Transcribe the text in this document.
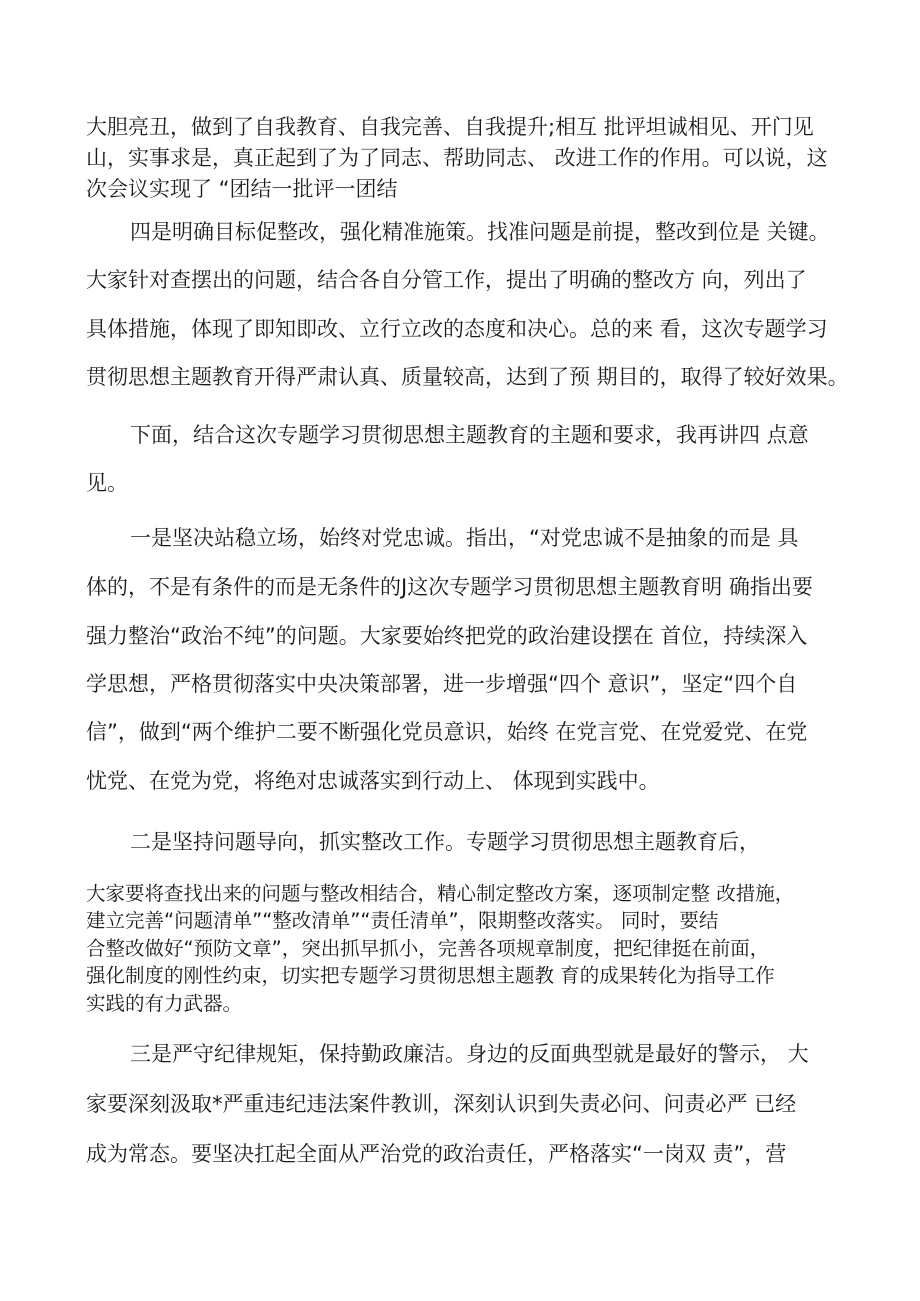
大胆亮丑，做到了自我教育、自我完善、自我提升;相互 批评坦诚相见、开门见
山，实事求是，真正起到了为了同志、帮助同志、 改进工作的作用。可以说，这
次会议实现了 “团结一批评一团结
四是明确目标促整改，强化精准施策。找准问题是前提，整改到位是 关键。
大家针对查摆出的问题，结合各自分管工作，提出了明确的整改方 向，列出了
具体措施，体现了即知即改、立行立改的态度和决心。总的来 看，这次专题学习
贯彻思想主题教育开得严肃认真、质量较高，达到了预 期目的，取得了较好效果。
下面，结合这次专题学习贯彻思想主题教育的主题和要求，我再讲四 点意
见。
一是坚决站稳立场，始终对党忠诚。指出，“对党忠诚不是抽象的而是 具
体的，不是有条件的而是无条件的J这次专题学习贯彻思想主题教育明 确指出要
强力整治“政治不纯”的问题。大家要始终把党的政治建设摆在 首位，持续深入
学思想，严格贯彻落实中央决策部署，进一步增强“四个 意识”，坚定“四个自
信”，做到“两个维护二要不断强化党员意识，始终 在党言党、在党爱党、在党
忧党、在党为党，将绝对忠诚落实到行动上、 体现到实践中。
二是坚持问题导向，抓实整改工作。专题学习贯彻思想主题教育后，
大家要将查找出来的问题与整改相结合，精心制定整改方案，逐项制定整 改措施，
建立完善“问题清单”“整改清单”“责任清单”，限期整改落实。 同时，要结
合整改做好“预防文章”，突出抓早抓小，完善各项规章制度，把纪律挺在前面，
强化制度的刚性约束，切实把专题学习贯彻思想主题教 育的成果转化为指导工作
实践的有力武器。
三是严守纪律规矩，保持勤政廉洁。身边的反面典型就是最好的警示， 大
家要深刻汲取*严重违纪违法案件教训，深刻认识到失责必问、问责必严 已经
成为常态。要坚决扛起全面从严治党的政治责任，严格落实“一岗双 责”，营
